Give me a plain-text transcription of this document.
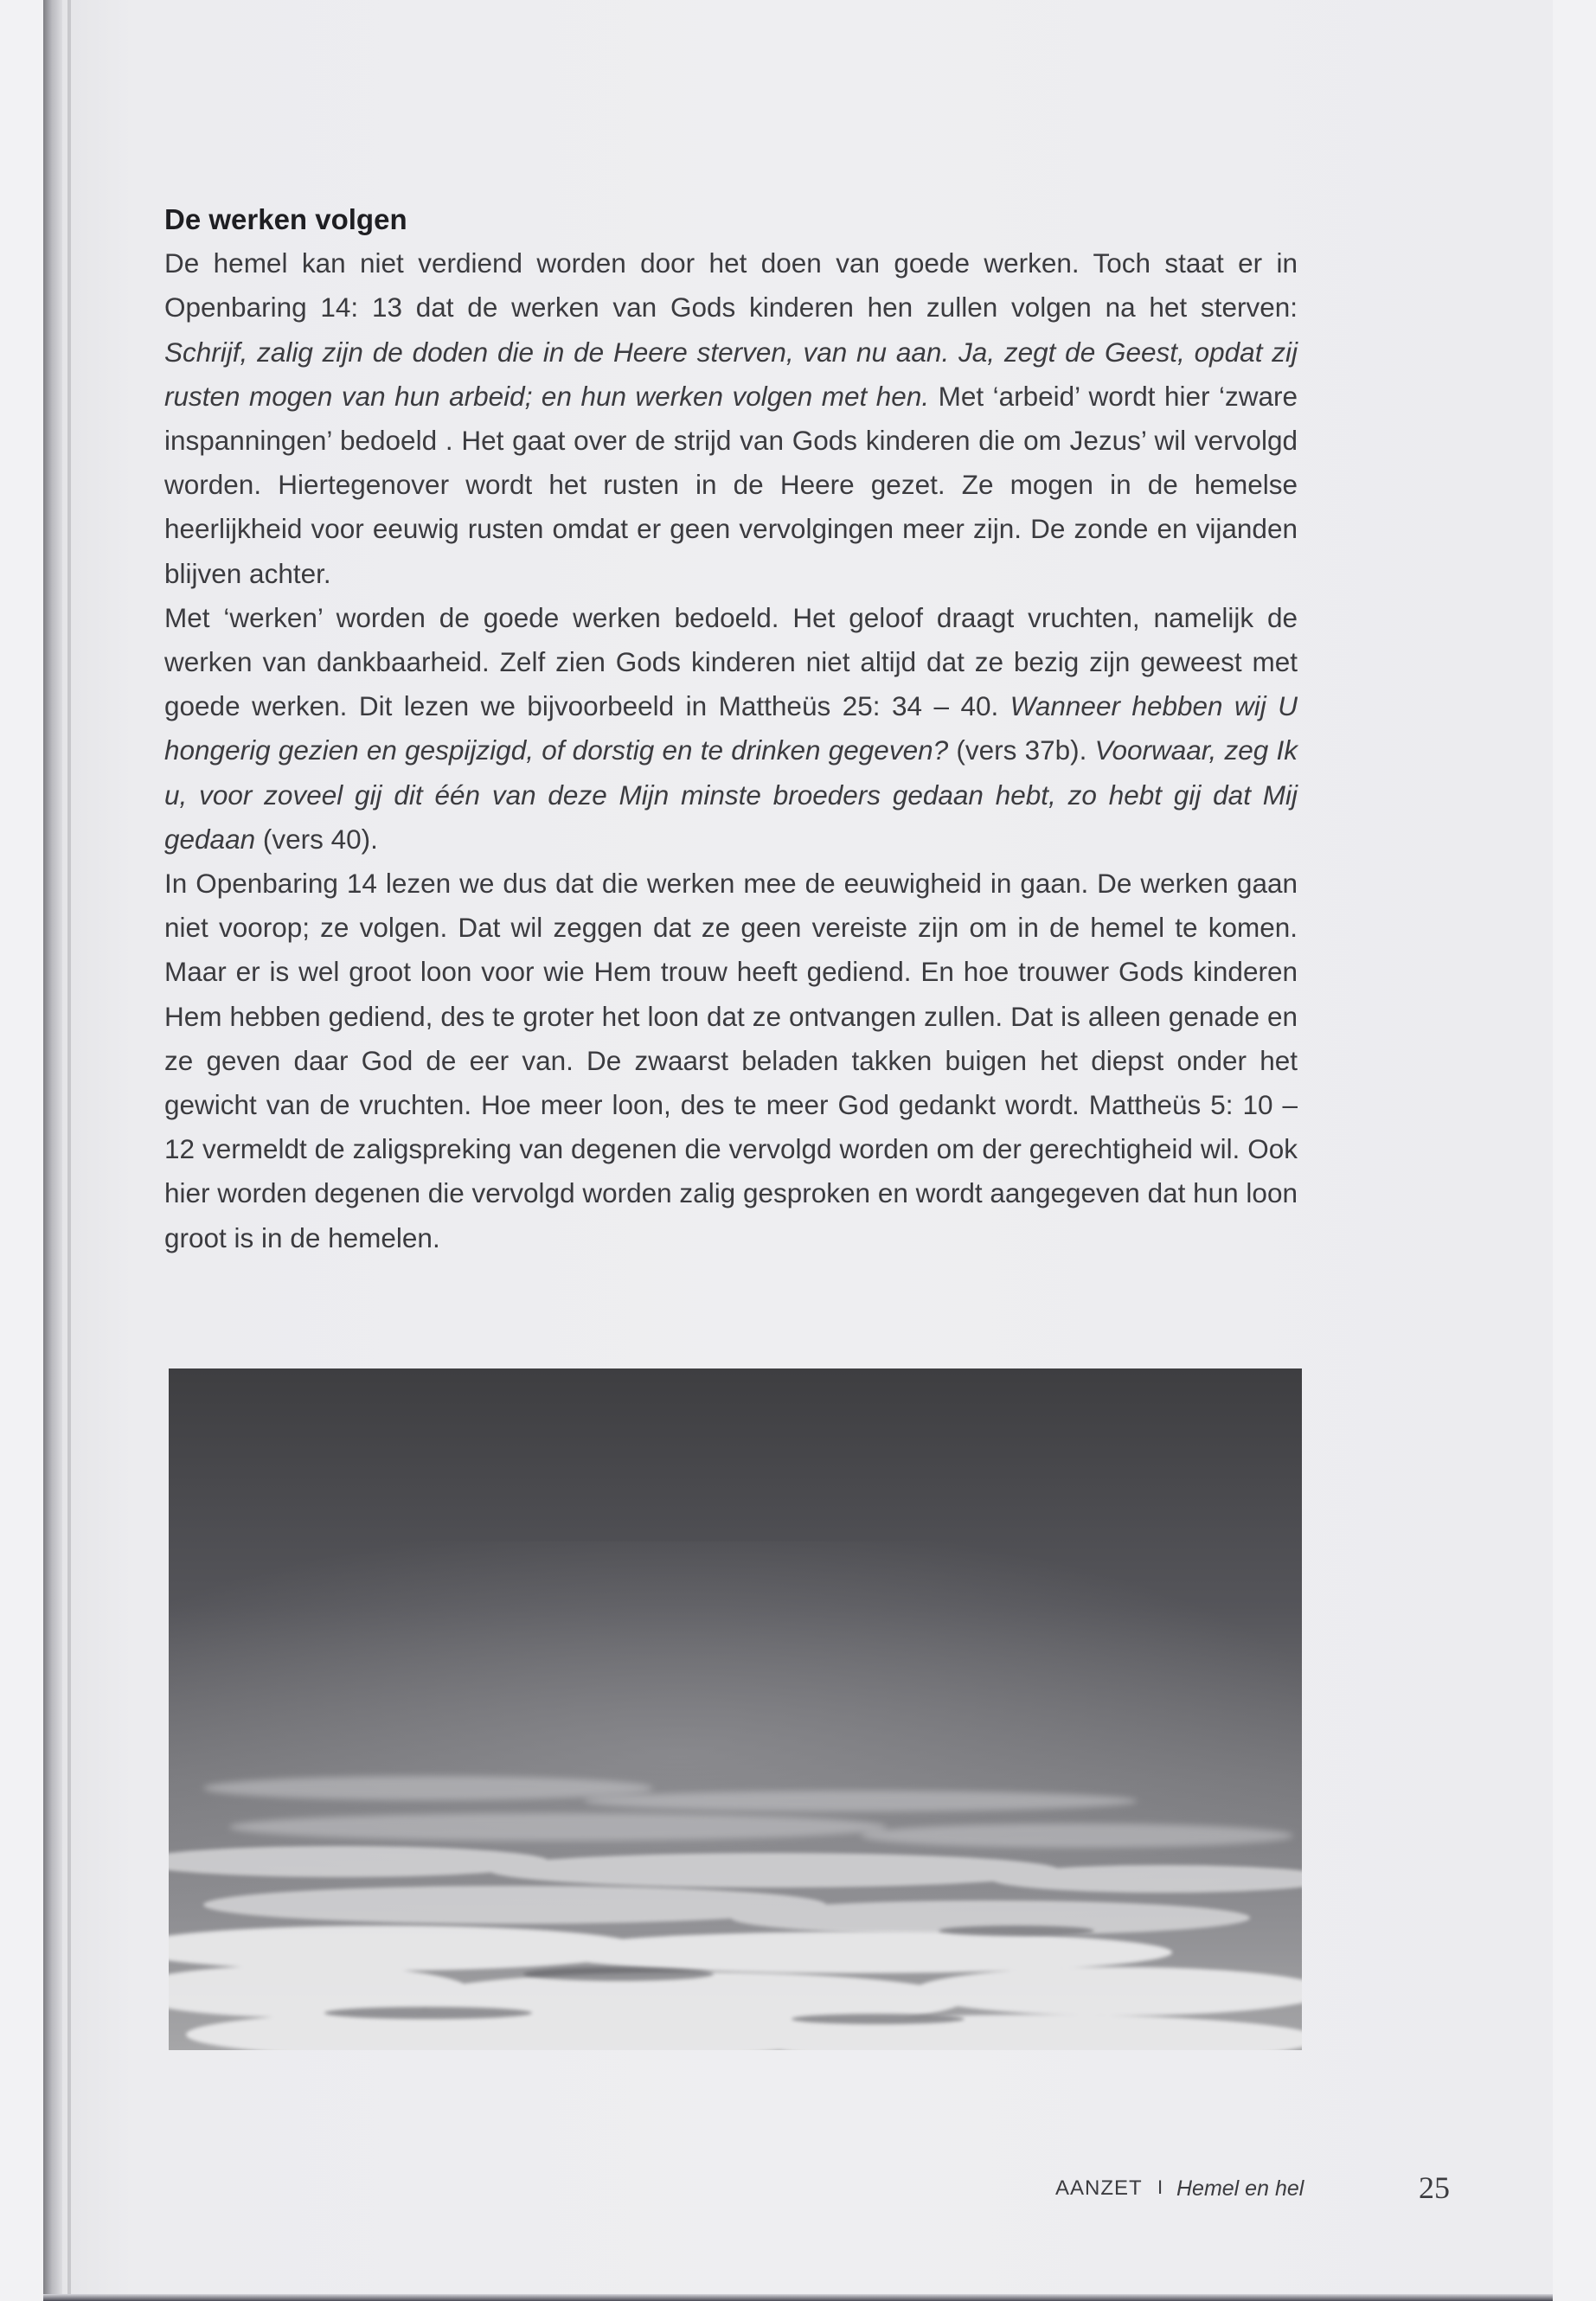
De werken volgen

De hemel kan niet verdiend worden door het doen van goede werken. Toch staat er in Openbaring 14: 13 dat de werken van Gods kinderen hen zullen volgen na het sterven: Schrijf, zalig zijn de doden die in de Heere sterven, van nu aan. Ja, zegt de Geest, opdat zij rusten mogen van hun arbeid; en hun werken volgen met hen. Met ‘arbeid’ wordt hier ‘zware inspanningen’ bedoeld . Het gaat over de strijd van Gods kinderen die om Jezus’ wil vervolgd worden. Hiertegenover wordt het rusten in de Heere gezet. Ze mogen in de hemelse heerlijkheid voor eeuwig rusten omdat er geen vervolgingen meer zijn. De zonde en vijanden blijven achter.

Met ‘werken’ worden de goede werken bedoeld. Het geloof draagt vruchten, namelijk de werken van dankbaarheid. Zelf zien Gods kinderen niet altijd dat ze bezig zijn geweest met goede werken. Dit lezen we bijvoorbeeld in Mattheüs 25: 34 – 40. Wanneer hebben wij U hongerig gezien en gespijzigd, of dorstig en te drinken gegeven? (vers 37b). Voorwaar, zeg Ik u, voor zoveel gij dit één van deze Mijn minste broeders gedaan hebt, zo hebt gij dat Mij gedaan (vers 40).

In Openbaring 14 lezen we dus dat die werken mee de eeuwigheid in gaan. De werken gaan niet voorop; ze volgen. Dat wil zeggen dat ze geen vereiste zijn om in de hemel te komen. Maar er is wel groot loon voor wie Hem trouw heeft gediend. En hoe trouwer Gods kinderen Hem hebben gediend, des te groter het loon dat ze ontvangen zullen. Dat is alleen genade en ze geven daar God de eer van. De zwaarst beladen takken buigen het diepst onder het gewicht van de vruchten. Hoe meer loon, des te meer God gedankt wordt. Mattheüs 5: 10 – 12 vermeldt de zaligspreking van degenen die vervolgd worden om der gerechtigheid wil. Ook hier worden degenen die vervolgd worden zalig gesproken en wordt aangegeven dat hun loon groot is in de hemelen.

AANZET I Hemel en hel	25
